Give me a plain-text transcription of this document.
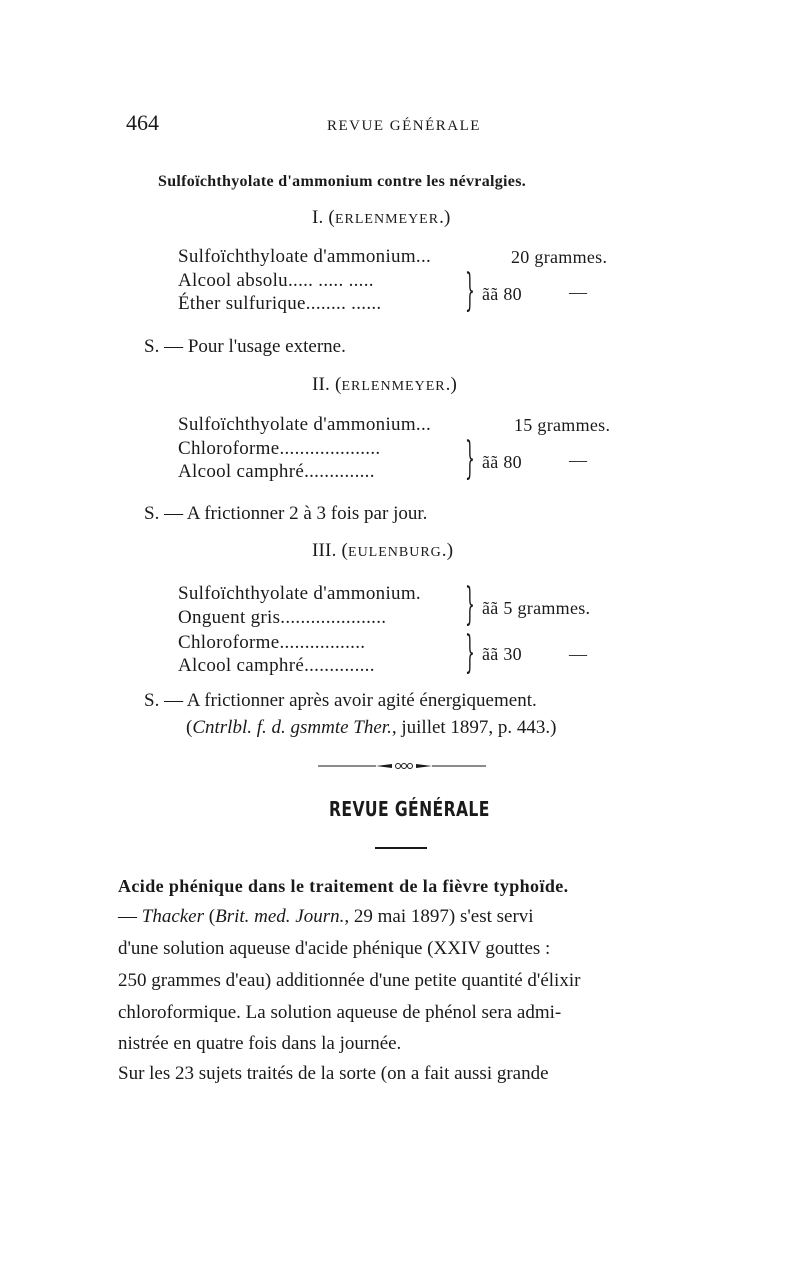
464	REVUE GÉNÉRALE
Sulfoïchthyolate d'ammonium contre les névralgies.
I. (ERLENMEYER.)
Sulfoïchthyloate d'ammonium...	20 grammes.
Alcool absolu..... ..... .....
Éther sulfurique........ ...... } ãã 80	—
S. — Pour l'usage externe.
II. (ERLENMEYER.)
Sulfoïchthyolate d'ammonium...	15 grammes.
Chloroforme....................
Alcool camphré.............. } ãã 80	—
S. — A frictionner 2 à 3 fois par jour.
III. (EULENBURG.)
Sulfoïchthyolate d'ammonium.
Onguent gris..................... } ãã 5 grammes.
Chloroforme.................
Alcool camphré.............. } ãã 30	—
S. — A frictionner après avoir agité énergiquement.
(Cntrlbl. f. d. gsmmte Ther., juillet 1897, p. 443.)
REVUE GÉNÉRALE
Acide phénique dans le traitement de la fièvre typhoïde.
— Thacker (Brit. med. Journ., 29 mai 1897) s'est servi
d'une solution aqueuse d'acide phénique (XXIV gouttes :
250 grammes d'eau) additionnée d'une petite quantité d'élixir
chloroformique. La solution aqueuse de phénol sera admi-
nistrée en quatre fois dans la journée.
Sur les 23 sujets traités de la sorte (on a fait aussi grande
